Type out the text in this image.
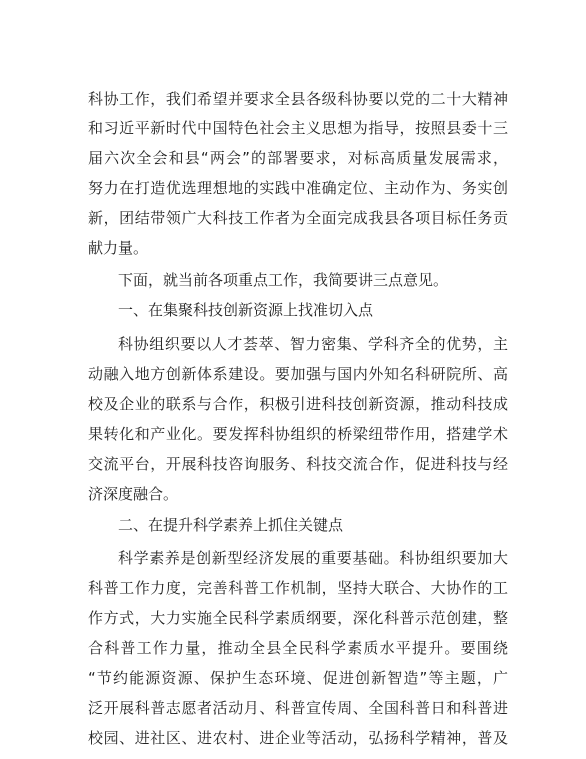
科协工作，我们希望并要求全县各级科协要以党的二十大精神
和习近平新时代中国特色社会主义思想为指导，按照县委十三
届六次全会和县“两会”的部署要求，对标高质量发展需求，
努力在打造优选理想地的实践中准确定位、主动作为、务实创
新，团结带领广大科技工作者为全面完成我县各项目标任务贡
献力量。
下面，就当前各项重点工作，我简要讲三点意见。
一、在集聚科技创新资源上找准切入点
科协组织要以人才荟萃、智力密集、学科齐全的优势，主
动融入地方创新体系建设。要加强与国内外知名科研院所、高
校及企业的联系与合作，积极引进科技创新资源，推动科技成
果转化和产业化。要发挥科协组织的桥梁纽带作用，搭建学术
交流平台，开展科技咨询服务、科技交流合作，促进科技与经
济深度融合。
二、在提升科学素养上抓住关键点
科学素养是创新型经济发展的重要基础。科协组织要加大
科普工作力度，完善科普工作机制，坚持大联合、大协作的工
作方式，大力实施全民科学素质纲要，深化科普示范创建，整
合科普工作力量，推动全县全民科学素质水平提升。要围绕
“节约能源资源、保护生态环境、促进创新智造”等主题，广
泛开展科普志愿者活动月、科普宣传周、全国科普日和科普进
校园、进社区、进农村、进企业等活动，弘扬科学精神，普及
